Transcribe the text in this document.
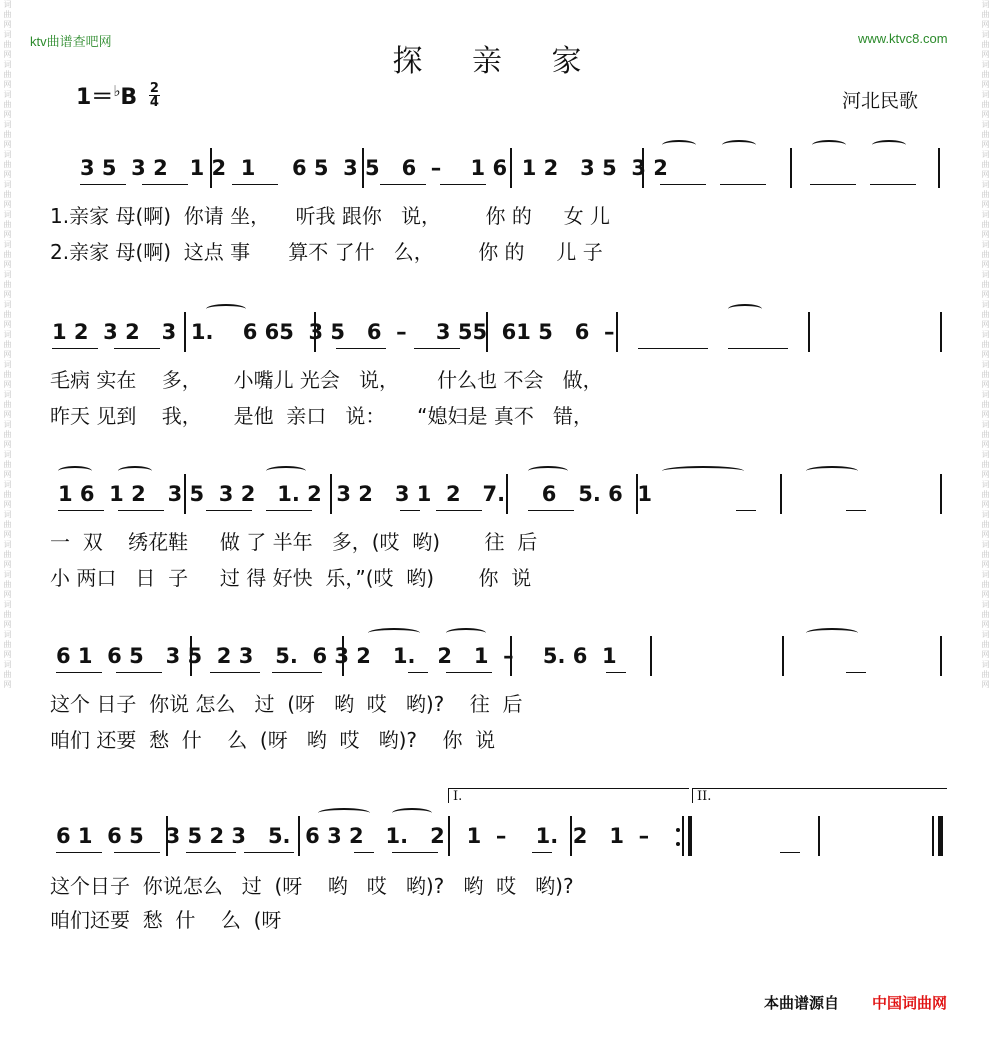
词曲网词曲网词曲网词曲网词曲网词曲网词曲网词曲网词曲网词曲网词曲网词曲网词曲网词曲网词曲网词曲网词曲网词曲网词曲网词曲网词曲网词曲网词曲网	词曲网词曲网词曲网词曲网词曲网词曲网词曲网词曲网词曲网词曲网词曲网词曲网词曲网词曲网词曲网词曲网词曲网词曲网词曲网词曲网词曲网词曲网词曲网
ktv曲谱查吧网	www.ktvc8.com
探 亲 家
$1=^♭B \frac{2}{4}$	河北民歌
3 5  3 2   1 2  1     6 5  3 5   6  –    1 6  1 2   3 5  3 2
1.亲家 母(啊)  你请 坐，    听我 跟你   说，       你 的     女 儿
2.亲家 母(啊)  这点 事      算不 了什   么，       你 的     儿 子
1 2  3 2   3  1.    6 65  3 5   6  –    3 55  61 5   6  –
毛病 实在    多，     小嘴儿 光会   说，      什么也 不会   做，
昨天 见到    我，     是他  亲口   说：     “媳妇是 真不   错，
1 6  1 2   3 5  3 2   1. 2  3 2   3 1  2   7.     6   5. 6  1
一  双    绣花鞋     做 了 半年   多，(哎  哟)       往  后
小 两口   日  子     过 得 好快  乐，”(哎  哟)       你  说
6 1  6 5   3 5  2 3   5.  6 3 2   1.   2   1  –    5. 6  1
这个 日子  你说 怎么   过  (呀   哟  哎   哟)?    往  后
咱们 还要  愁  什    么  (呀   哟  哎   哟)?    你  说
I.	II.
6 1  6 5   3 5 2 3   5.  6 3 2   1.   2   1  –    1.  2   1  –
这个日子  你说怎么   过  (呀    哟   哎   哟)?   哟  哎   哟)?
咱们还要  愁  什    么  (呀
本曲谱源自 中国词曲网
